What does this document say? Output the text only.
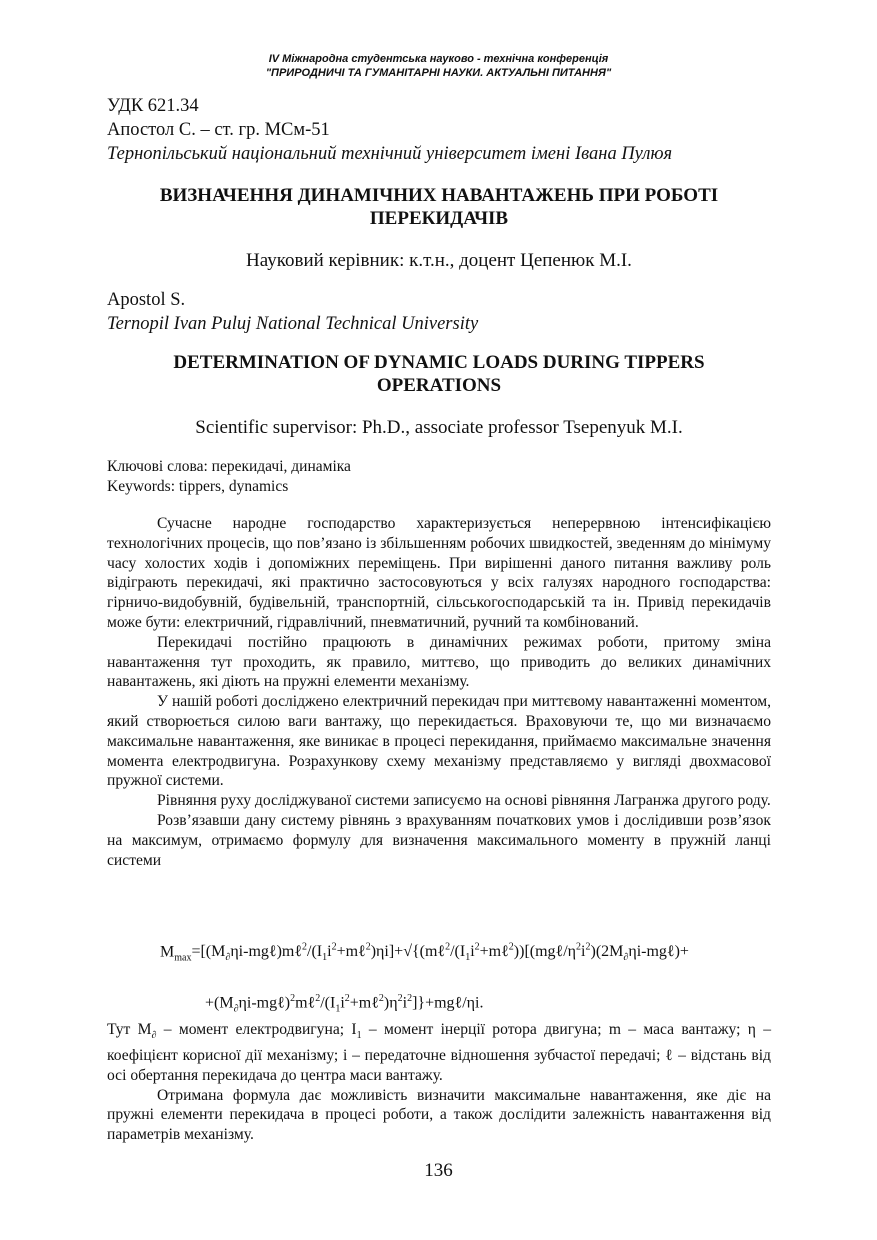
IV Міжнародна студентська науково - технічна конференція
"ПРИРОДНИЧІ ТА ГУМАНІТАРНІ НАУКИ. АКТУАЛЬНІ ПИТАННЯ"
УДК 621.34
Апостол С. – ст. гр. МСм-51
Тернопільський національний технічний університет імені Івана Пулюя
ВИЗНАЧЕННЯ ДИНАМІЧНИХ НАВАНТАЖЕНЬ ПРИ РОБОТІ
ПЕРЕКИДАЧІВ
Науковий керівник: к.т.н., доцент Цепенюк М.І.
Apostol S.
Ternopil Ivan Puluj National Technical University
DETERMINATION OF DYNAMIC LOADS DURING TIPPERS
OPERATIONS
Scientific supervisor: Ph.D., associate professor Tsepenyuk M.I.
Ключові слова: перекидачі, динаміка
Keywords: tippers, dynamics

Сучасне народне господарство характеризується неперервною інтенсифікацією технологічних процесів, що пов’язано із збільшенням робочих швидкостей, зведенням до мінімуму часу холостих ходів і допоміжних переміщень. При вирішенні даного питання важливу роль відіграють перекидачі, які практично застосовуються у всіх галузях народного господарства: гірничо-видобувній, будівельній, транспортній, сільськогосподарській та ін. Привід перекидачів може бути: електричний, гідравлічний, пневматичний, ручний та комбінований.

Перекидачі постійно працюють в динамічних режимах роботи, притому зміна навантаження тут проходить, як правило, миттєво, що приводить до великих динамічних навантажень, які діють на пружні елементи механізму.

У нашій роботі досліджено електричний перекидач при миттєвому навантаженні моментом, який створюється силою ваги вантажу, що перекидається. Враховуючи те, що ми визначаємо максимальне навантаження, яке виникає в процесі перекидання, приймаємо максимальне значення момента електродвигуна. Розрахункову схему механізму представляємо у вигляді двохмасової пружної системи.

Рівняння руху досліджуваної системи записуємо на основі рівняння Лагранжа другого роду.

Розв’язавши дану систему рівнянь з врахуванням початкових умов і дослідивши розв’язок на максимум, отримаємо формулу для визначення максимального моменту в пружній ланці системи

$M_{max}=[(M_\partial\eta i-mg\ell)m\ell^2/(I_1i^2+m\ell^2)\eta i]+√\{(m\ell^2/(I_1i^2+m\ell^2))[(mg\ell/\eta^2i^2)(2M_\partial\eta i-mg\ell)+$
$+(M_\partial\eta i-mg\ell)^2m\ell^2/(I_1i^2+m\ell^2)\eta^2i^2]\}+mg\ell/\eta i$.

Тут $M_\partial$ – момент електродвигуна; $I_1$ – момент інерції ротора двигуна; m – маса вантажу; η – коефіцієнт корисної дії механізму; i – передаточне відношення зубчастої передачі; ℓ – відстань від осі обертання перекидача до центра маси вантажу.

Отримана формула дає можливість визначити максимальне навантаження, яке діє на пружні елементи перекидача в процесі роботи, а також дослідити залежність навантаження від параметрів механізму.

136
